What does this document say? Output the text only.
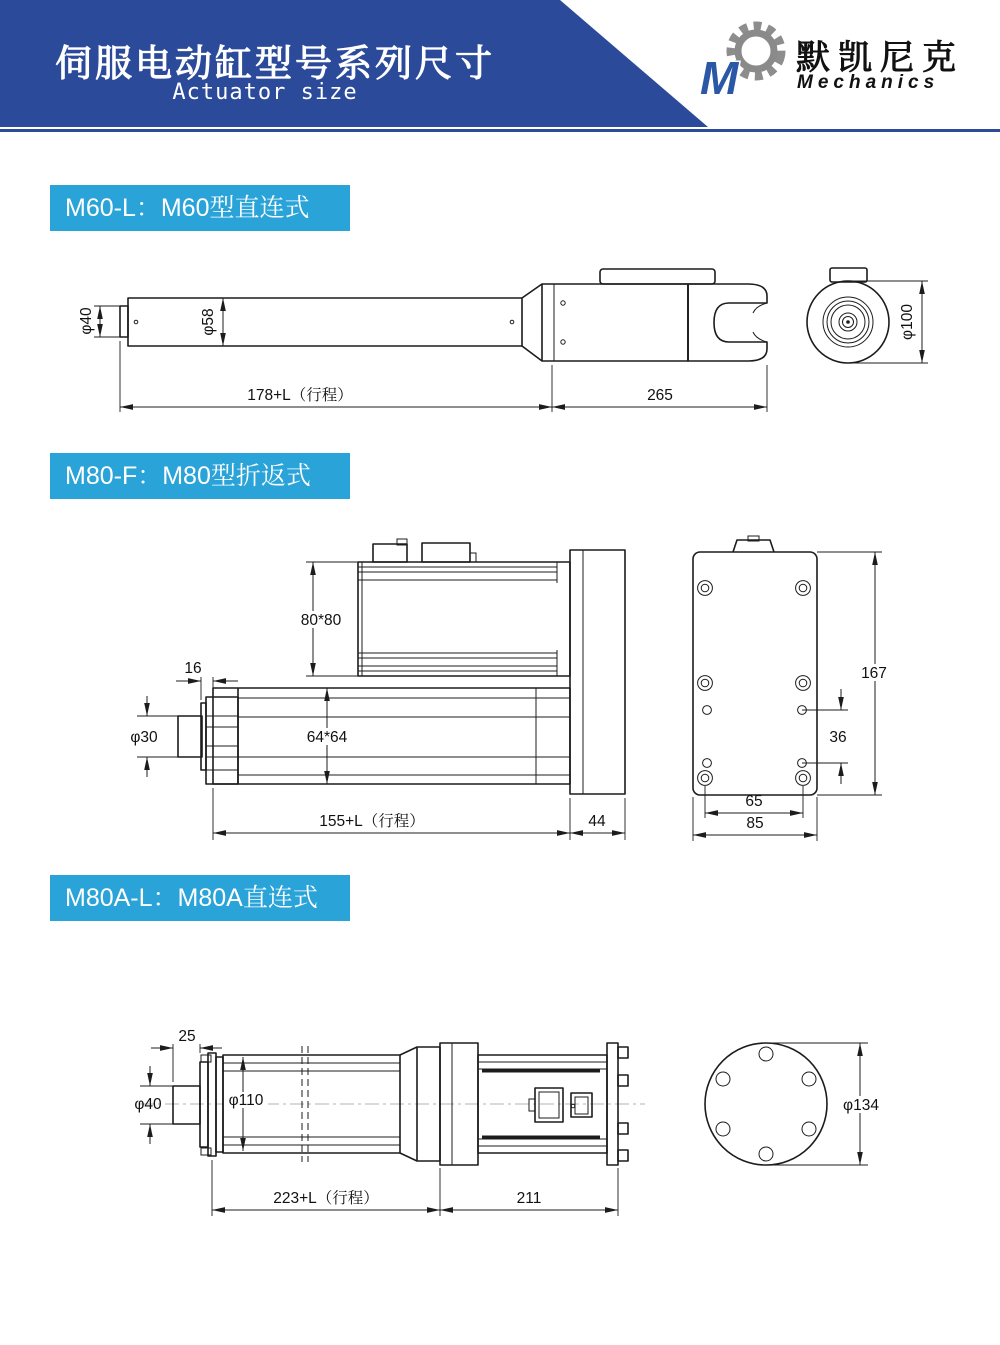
伺服电动缸型号系列尺寸
Actuator size	M 默凯尼克
Mechanics
M60-L：M60型直连式
M80-F：M80型折返式
M80A-L：M80A直连式
φ40	φ58
178+L（行程）	265
φ100
16
φ30
80*80
64*64
155+L（行程）	44
167
36
65
85
25
φ40	φ110
223+L（行程）	211
φ134
